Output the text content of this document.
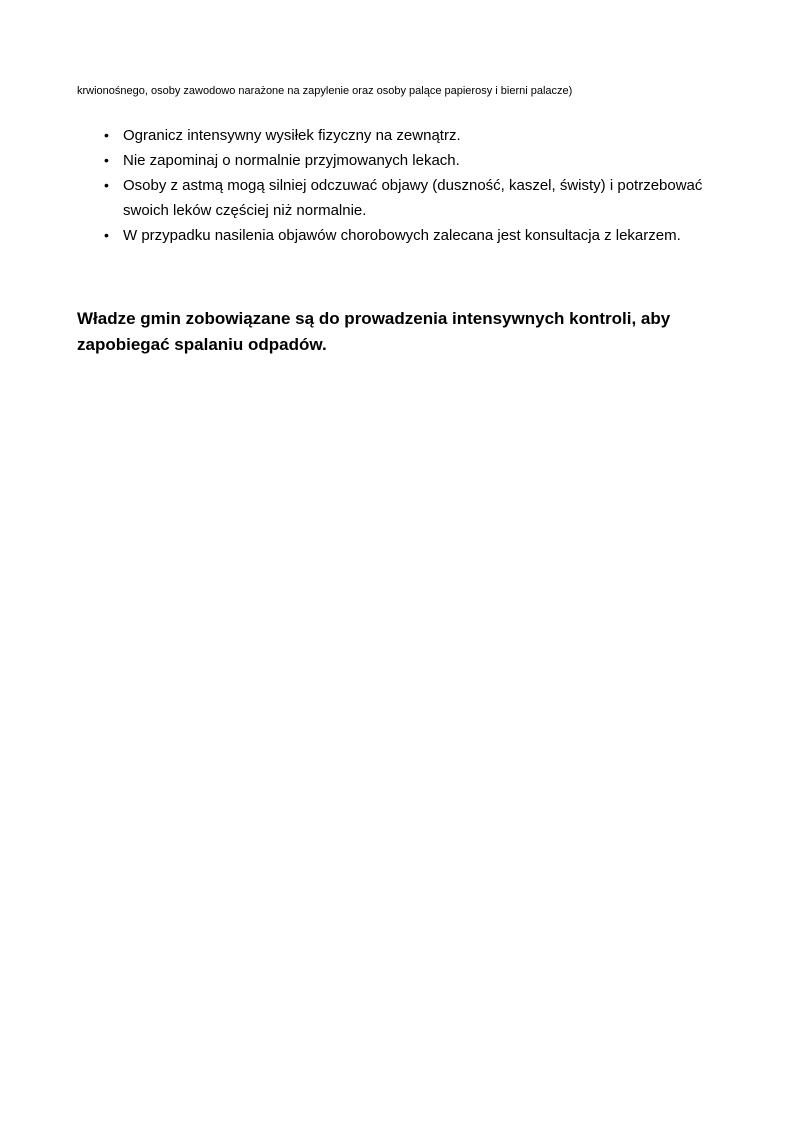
krwionośnego, osoby zawodowo narażone na zapylenie oraz osoby palące papierosy i bierni palacze)

• Ogranicz intensywny wysiłek fizyczny na zewnątrz.
• Nie zapominaj o normalnie przyjmowanych lekach.
• Osoby z astmą mogą silniej odczuwać objawy (duszność, kaszel, świsty) i potrzebować swoich leków częściej niż normalnie.
• W przypadku nasilenia objawów chorobowych zalecana jest konsultacja z lekarzem.

Władze gmin zobowiązane są do prowadzenia intensywnych kontroli, aby zapobiegać spalaniu odpadów.
